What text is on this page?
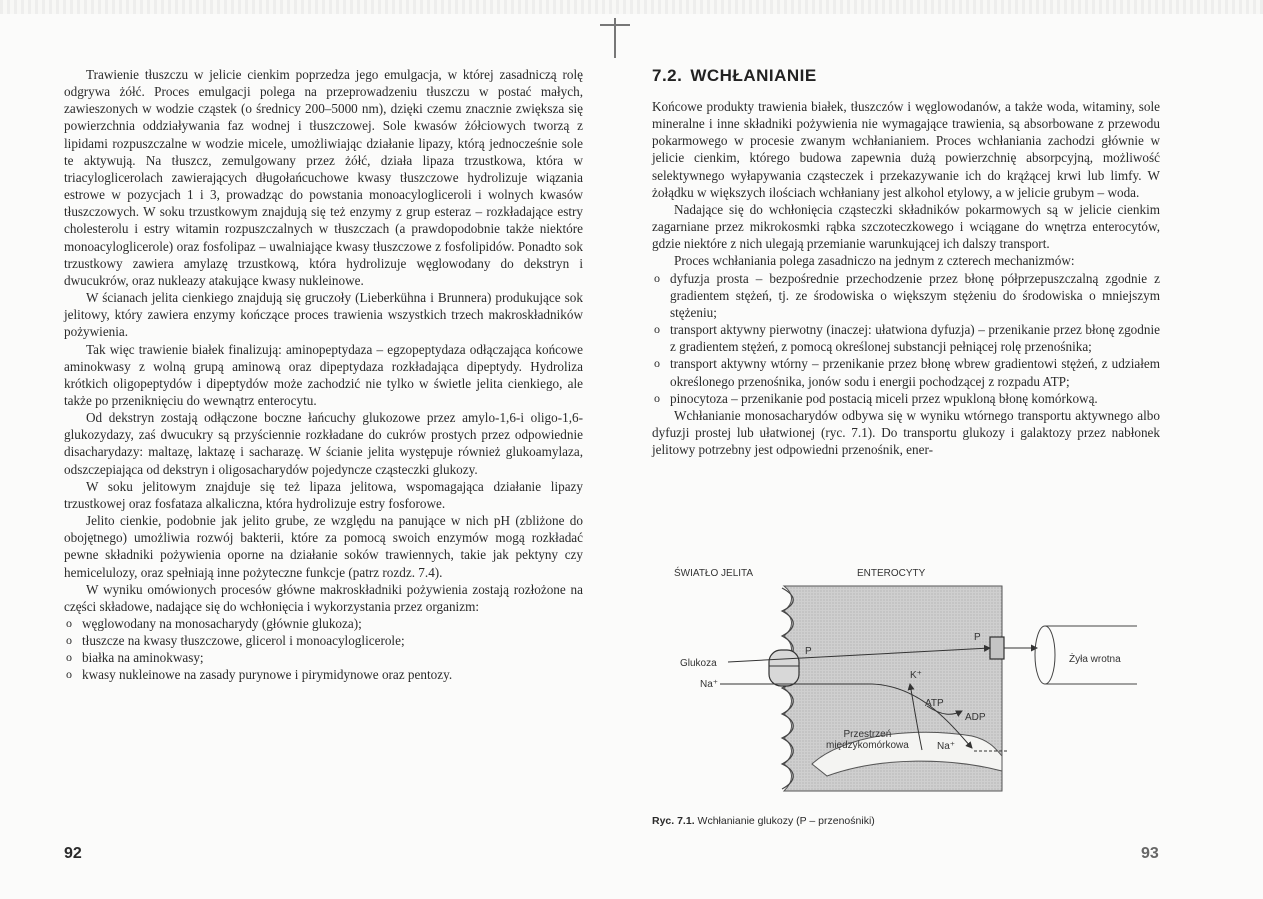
Trawienie tłuszczu w jelicie cienkim poprzedza jego emulgacja, w której zasadniczą rolę odgrywa żółć. Proces emulgacji polega na przeprowadzeniu tłuszczu w postać małych, zawieszonych w wodzie cząstek (o średnicy 200–5000 nm), dzięki czemu znacznie zwiększa się powierzchnia oddziaływania faz wodnej i tłuszczowej. Sole kwasów żółciowych tworzą z lipidami rozpuszczalne w wodzie micele, umożliwiając działanie lipazy, którą jednocześnie sole te aktywują. Na tłuszcz, zemulgowany przez żółć, działa lipaza trzustkowa, która w triacyloglicerolach zawierających długołańcuchowe kwasy tłuszczowe hydrolizuje wiązania estrowe w pozycjach 1 i 3, prowadząc do powstania monoacylogliceroli i wolnych kwasów tłuszczowych. W soku trzustkowym znajdują się też enzymy z grup esteraz – rozkładające estry cholesterolu i estry witamin rozpuszczalnych w tłuszczach (a prawdopodobnie także niektóre monoacyloglicerole) oraz fosfolipaz – uwalniające kwasy tłuszczowe z fosfolipidów. Ponadto sok trzustkowy zawiera amylazę trzustkową, która hydrolizuje węglowodany do dekstryn i dwucukrów, oraz nukleazy atakujące kwasy nukleinowe.

W ścianach jelita cienkiego znajdują się gruczoły (Lieberkühna i Brunnera) produkujące sok jelitowy, który zawiera enzymy kończące proces trawienia wszystkich trzech makroskładników pożywienia.

Tak więc trawienie białek finalizują: aminopeptydaza – egzopeptydaza odłączająca końcowe aminokwasy z wolną grupą aminową oraz dipeptydaza rozkładająca dipeptydy. Hydroliza krótkich oligopeptydów i dipeptydów może zachodzić nie tylko w świetle jelita cienkiego, ale także po przeniknięciu do wewnątrz enterocytu.

Od dekstryn zostają odłączone boczne łańcuchy glukozowe przez amylo-1,6-i oligo-1,6-glukozydazy, zaś dwucukry są przyściennie rozkładane do cukrów prostych przez odpowiednie disacharydazy: maltazę, laktazę i sacharazę. W ścianie jelita występuje również glukoamylaza, odszczepiająca od dekstryn i oligosacharydów pojedyncze cząsteczki glukozy.

W soku jelitowym znajduje się też lipaza jelitowa, wspomagająca działanie lipazy trzustkowej oraz fosfataza alkaliczna, która hydrolizuje estry fosforowe.

Jelito cienkie, podobnie jak jelito grube, ze względu na panujące w nich pH (zbliżone do obojętnego) umożliwia rozwój bakterii, które za pomocą swoich enzymów mogą rozkładać pewne składniki pożywienia oporne na działanie soków trawiennych, takie jak pektyny czy hemicelulozy, oraz spełniają inne pożyteczne funkcje (patrz rozdz. 7.4).

W wyniku omówionych procesów główne makroskładniki pożywienia zostają rozłożone na części składowe, nadające się do wchłonięcia i wykorzystania przez organizm:

o węglowodany na monosacharydy (głównie glukoza);
o tłuszcze na kwasy tłuszczowe, glicerol i monoacyloglicerole;
o białka na aminokwasy;
o kwasy nukleinowe na zasady purynowe i pirymidynowe oraz pentozy.
92
7.2. WCHŁANIANIE

Końcowe produkty trawienia białek, tłuszczów i węglowodanów, a także woda, witaminy, sole mineralne i inne składniki pożywienia nie wymagające trawienia, są absorbowane z przewodu pokarmowego w procesie zwanym wchłanianiem. Proces wchłaniania zachodzi głównie w jelicie cienkim, którego budowa zapewnia dużą powierzchnię absorpcyjną, możliwość selektywnego wyłapywania cząsteczek i przekazywanie ich do krążącej krwi lub limfy. W żołądku w większych ilościach wchłaniany jest alkohol etylowy, a w jelicie grubym – woda.

Nadające się do wchłonięcia cząsteczki składników pokarmowych są w jelicie cienkim zagarniane przez mikrokosmki rąbka szczoteczkowego i wciągane do wnętrza enterocytów, gdzie niektóre z nich ulegają przemianie warunkującej ich dalszy transport.

Proces wchłaniania polega zasadniczo na jednym z czterech mechanizmów:

o dyfuzja prosta – bezpośrednie przechodzenie przez błonę półprzepuszczalną zgodnie z gradientem stężeń, tj. ze środowiska o większym stężeniu do środowiska o mniejszym stężeniu;
o transport aktywny pierwotny (inaczej: ułatwiona dyfuzja) – przenikanie przez błonę zgodnie z gradientem stężeń, z pomocą określonej substancji pełniącej rolę przenośnika;
o transport aktywny wtórny – przenikanie przez błonę wbrew gradientowi stężeń, z udziałem określonego przenośnika, jonów sodu i energii pochodzącej z rozpadu ATP;
o pinocytoza – przenikanie pod postacią miceli przez wpukloną błonę komórkową.

Wchłanianie monosacharydów odbywa się w wyniku wtórnego transportu aktywnego albo dyfuzji prostej lub ułatwionej (ryc. 7.1). Do transportu glukozy i galaktozy przez nabłonek jelitowy potrzebny jest odpowiedni przenośnik, ener-

ŚWIATŁO JELITA	ENTEROCYTY
Glukoza
Na⁺
P
P
K⁺
ATP
ADP
Przestrzeń
międzykomórkowa	Na⁺
Żyła wrotna
Ryc. 7.1. Wchłanianie glukozy (P – przenośniki)
93
